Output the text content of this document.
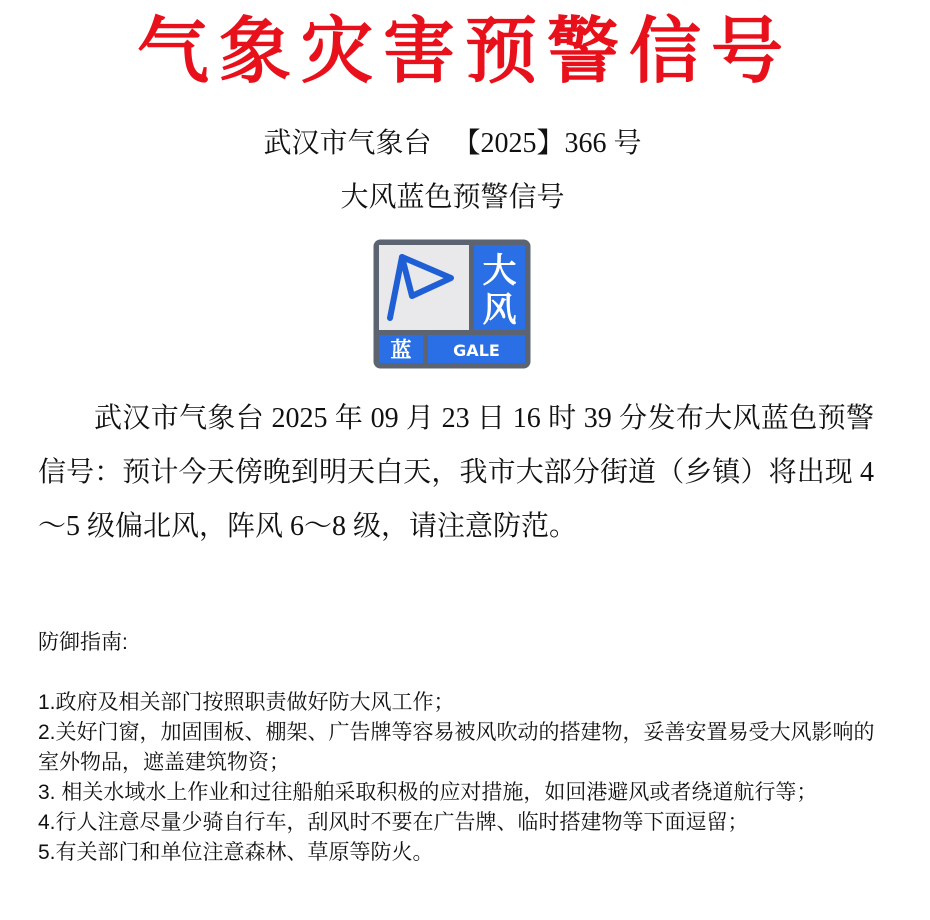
气象灾害预警信号
武汉市气象台   【2025】366 号
大风蓝色预警信号
大
风
蓝	GALE

武汉市气象台 2025 年 09 月 23 日 16 时 39 分发布大风蓝色预警信号：预计今天傍晚到明天白天，我市大部分街道（乡镇）将出现 4～5 级偏北风，阵风 6～8 级，请注意防范。

防御指南:
1.政府及相关部门按照职责做好防大风工作；
2.关好门窗，加固围板、棚架、广告牌等容易被风吹动的搭建物，妥善安置易受大风影响的室外物品，遮盖建筑物资；
3. 相关水域水上作业和过往船舶采取积极的应对措施，如回港避风或者绕道航行等；
4.行人注意尽量少骑自行车，刮风时不要在广告牌、临时搭建物等下面逗留；
5.有关部门和单位注意森林、草原等防火。
